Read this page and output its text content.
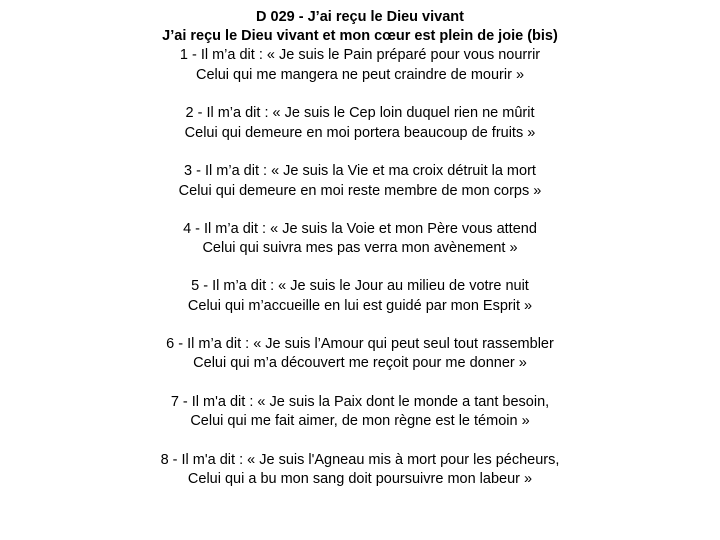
D 029 - J’ai reçu le Dieu vivant
J’ai reçu le Dieu vivant et mon cœur est plein de joie (bis)
1 - Il m’a dit : « Je suis le Pain préparé pour vous nourrir
Celui qui me mangera ne peut craindre de mourir »
2 - Il m’a dit : « Je suis le Cep loin duquel rien ne mûrit
Celui qui demeure en moi portera beaucoup de fruits »
3 - Il m’a dit : « Je suis la Vie et ma croix détruit la mort
Celui qui demeure en moi reste membre de mon corps »
4 - Il m’a dit : « Je suis la Voie et mon Père vous attend
Celui qui suivra mes pas verra mon avènement »
5 - Il m’a dit : « Je suis le Jour au milieu de votre nuit
Celui qui m’accueille en lui est guidé par mon Esprit »
6 - Il m’a dit : « Je suis l’Amour qui peut seul tout rassembler
Celui qui m’a découvert me reçoit pour me donner »
7 - Il m'a dit : « Je suis la Paix dont le monde a tant besoin,
Celui qui me fait aimer, de mon règne est le témoin »
8 - Il m'a dit : « Je suis l'Agneau mis à mort pour les pécheurs,
Celui qui a bu mon sang doit poursuivre mon labeur »
